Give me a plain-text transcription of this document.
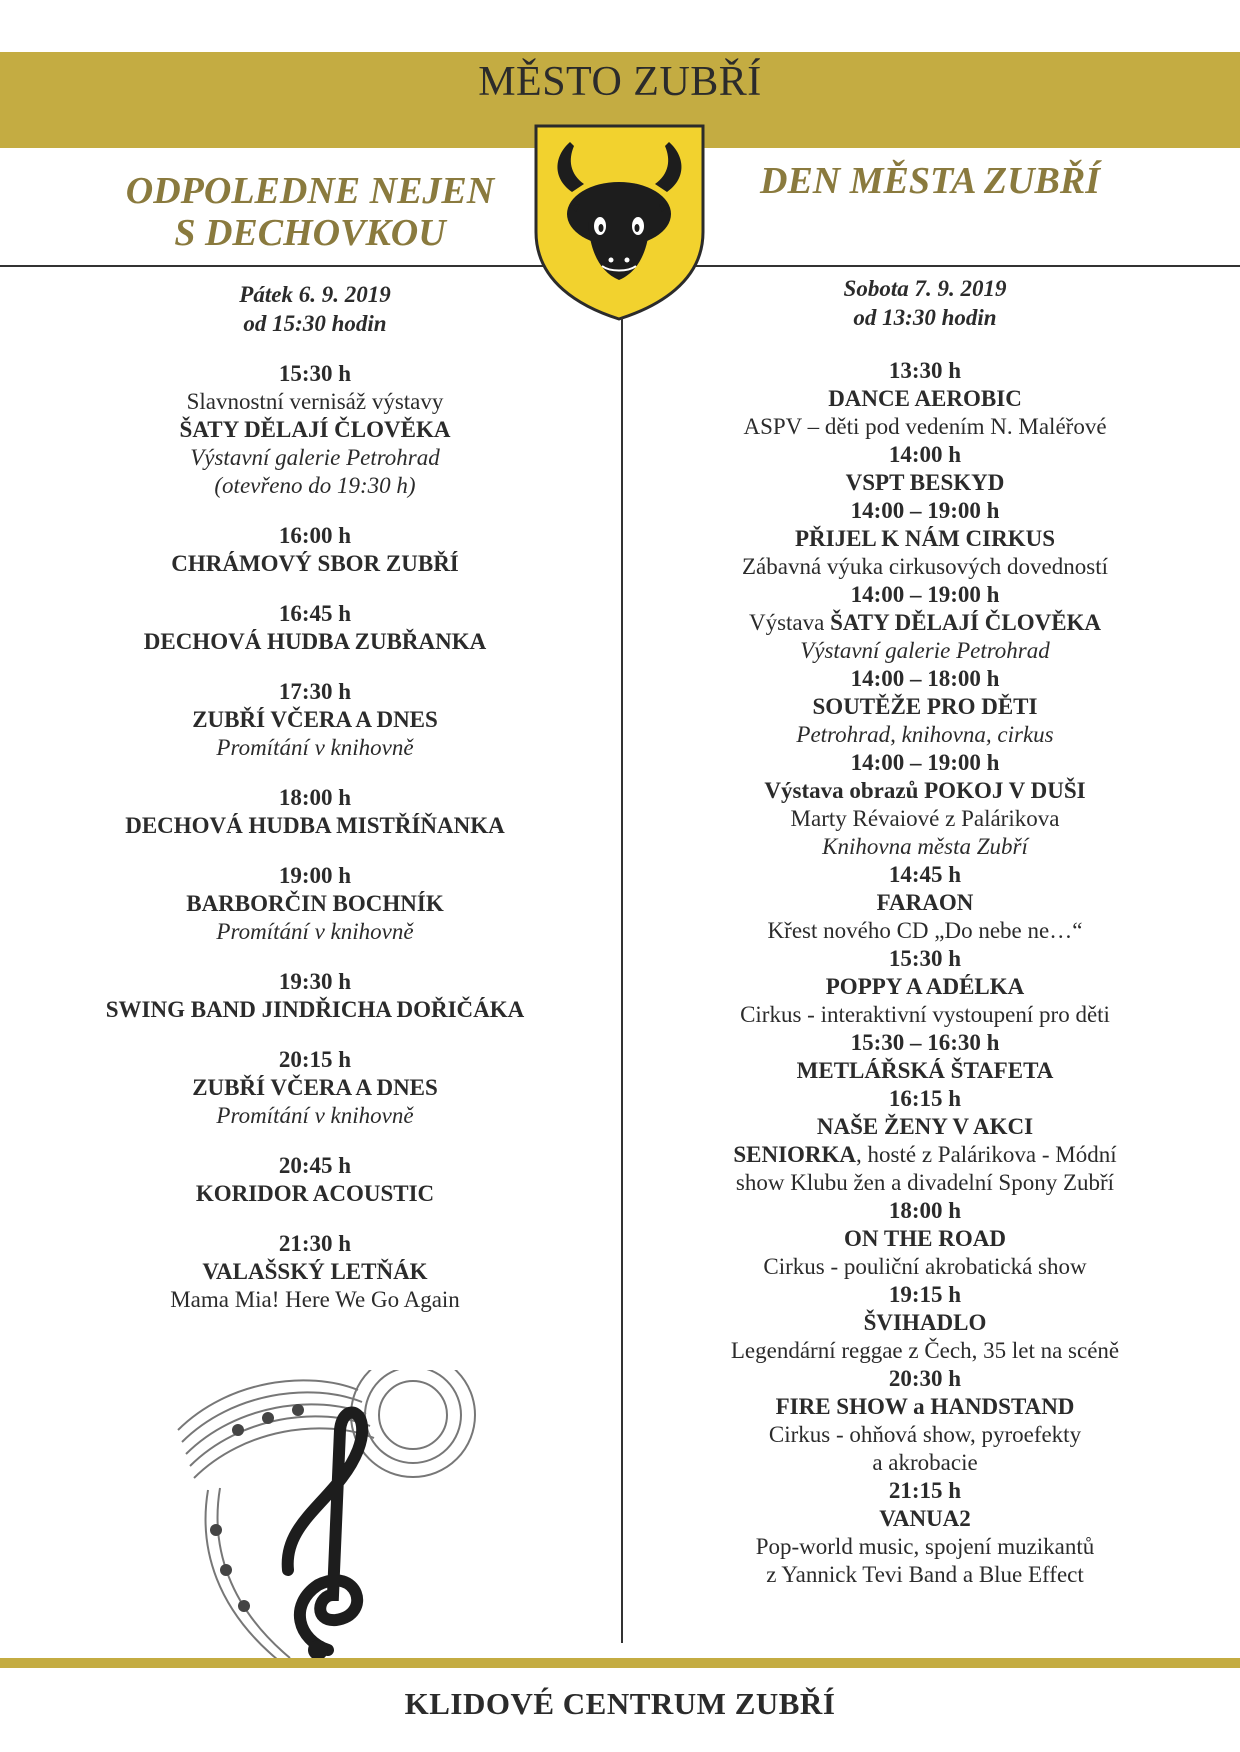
MĚSTO ZUBŘÍ
ODPOLEDNE NEJEN
S DECHOVKOU
DEN MĚSTA ZUBŘÍ
Pátek 6. 9. 2019
od 15:30 hodin
Sobota 7. 9. 2019
od 13:30 hodin
15:30 h
Slavnostní vernisáž výstavy
ŠATY DĚLAJÍ ČLOVĚKA
Výstavní galerie Petrohrad
(otevřeno do 19:30 h)
16:00 h
CHRÁMOVÝ SBOR ZUBŘÍ
16:45 h
DECHOVÁ HUDBA ZUBŘANKA
17:30 h
ZUBŘÍ VČERA A DNES
Promítání v knihovně
18:00 h
DECHOVÁ HUDBA MISTŘÍŇANKA
19:00 h
BARBORČIN BOCHNÍK
Promítání v knihovně
19:30 h
SWING BAND JINDŘICHA DOŘIČÁKA
20:15 h
ZUBŘÍ VČERA A DNES
Promítání v knihovně
20:45 h
KORIDOR ACOUSTIC
21:30 h
VALAŠSKÝ LETŇÁK
Mama Mia! Here We Go Again
13:30 h
DANCE AEROBIC
ASPV – děti pod vedením N. Maléřové
14:00 h
VSPT BESKYD
14:00 – 19:00 h
PŘIJEL K NÁM CIRKUS
Zábavná výuka cirkusových dovedností
14:00 – 19:00 h
Výstava ŠATY DĚLAJÍ ČLOVĚKA
Výstavní galerie Petrohrad
14:00 – 18:00 h
SOUTĚŽE PRO DĚTI
Petrohrad, knihovna, cirkus
14:00 – 19:00 h
Výstava obrazů POKOJ V DUŠI
Marty Révaiové z Palárikova
Knihovna města Zubří
14:45 h
FARAON
Křest nového CD „Do nebe ne…“
15:30 h
POPPY A ADÉLKA
Cirkus - interaktivní vystoupení pro děti
15:30 – 16:30 h
METLÁŘSKÁ ŠTAFETA
16:15 h
NAŠE ŽENY V AKCI
SENIORKA, hosté z Palárikova - Módní
show Klubu žen a divadelní Spony Zubří
18:00 h
ON THE ROAD
Cirkus - pouliční akrobatická show
19:15 h
ŠVIHADLO
Legendární reggae z Čech, 35 let na scéně
20:30 h
FIRE SHOW a HANDSTAND
Cirkus - ohňová show, pyroefekty
a akrobacie
21:15 h
VANUA2
Pop-world music, spojení muzikantů
z Yannick Tevi Band a Blue Effect
KLIDOVÉ CENTRUM ZUBŘÍ
